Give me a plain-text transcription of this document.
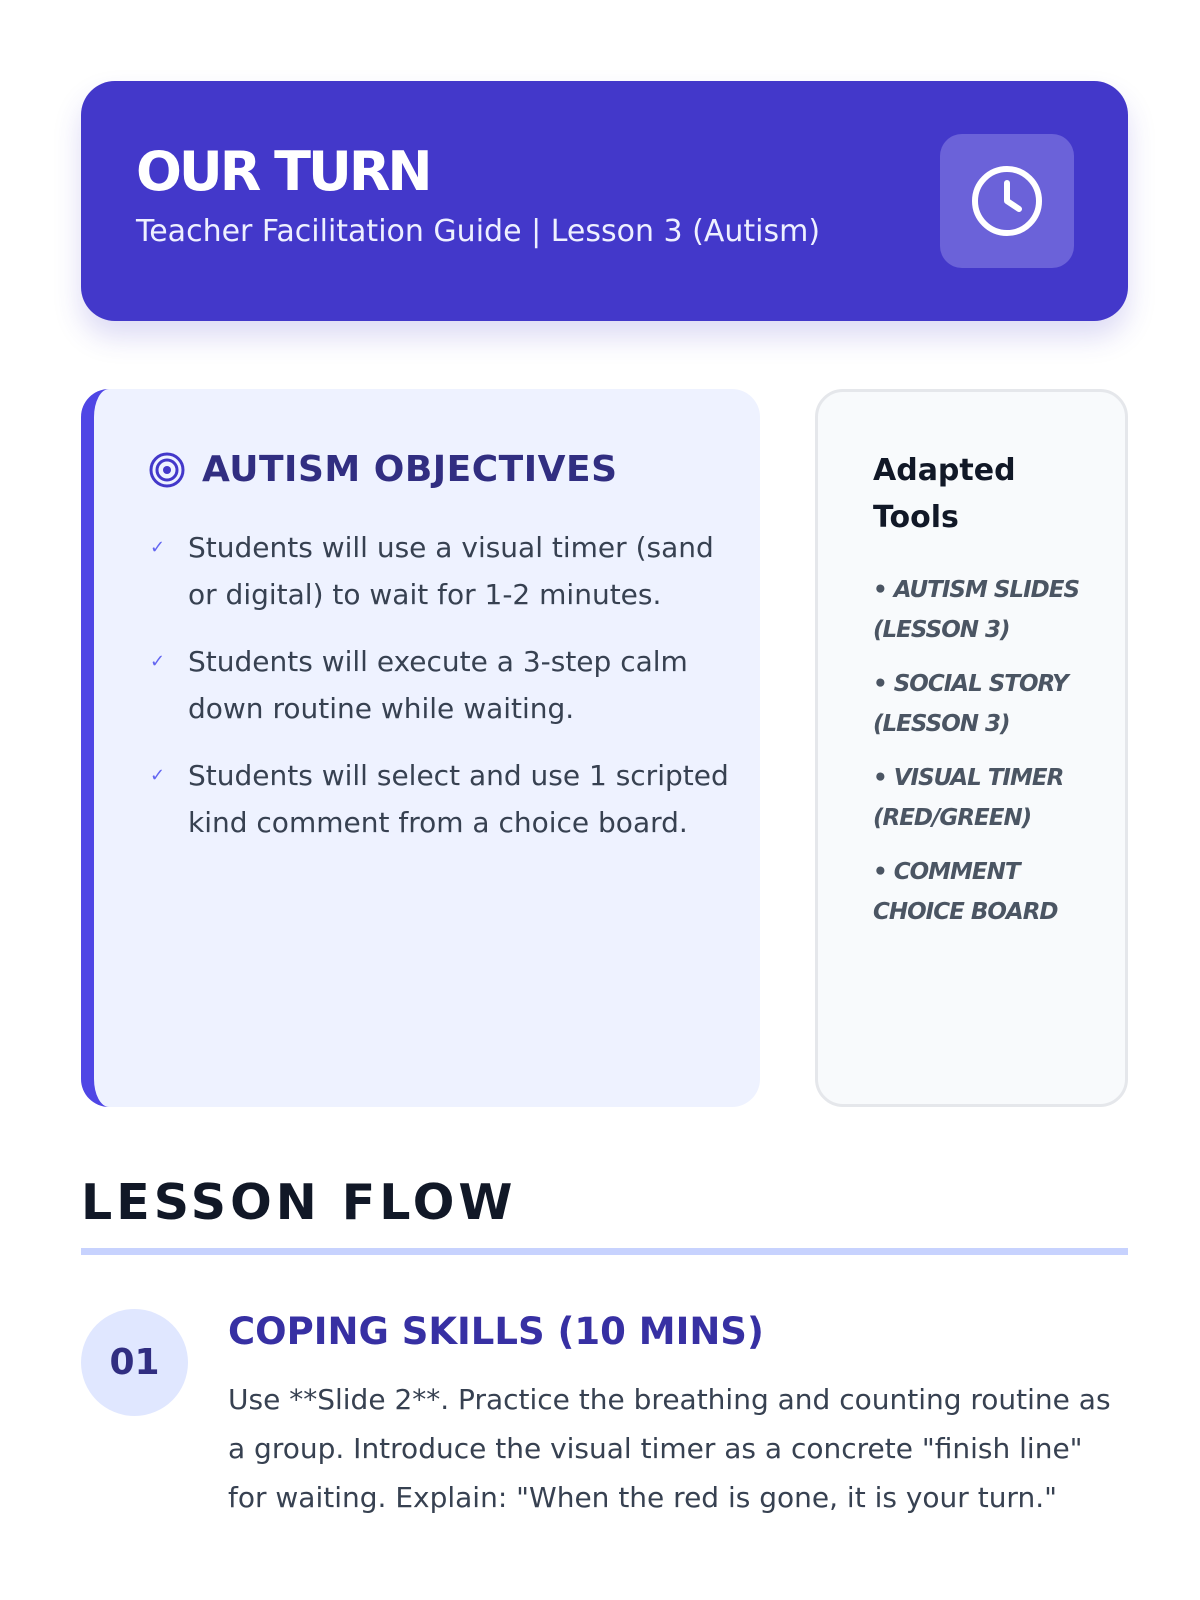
OUR TURN
Teacher Facilitation Guide | Lesson 3 (Autism)
AUTISM OBJECTIVES
✓ Students will use a visual timer (sand or digital) to wait for 1-2 minutes.
✓ Students will execute a 3-step calm down routine while waiting.
✓ Students will select and use 1 scripted kind comment from a choice board.
Adapted Tools
• AUTISM SLIDES (LESSON 3)
• SOCIAL STORY (LESSON 3)
• VISUAL TIMER (RED/GREEN)
• COMMENT CHOICE BOARD
LESSON FLOW
01
COPING SKILLS (10 MINS)

Use **Slide 2**. Practice the breathing and counting routine as a group. Introduce the visual timer as a concrete "finish line" for waiting. Explain: "When the red is gone, it is your turn."
